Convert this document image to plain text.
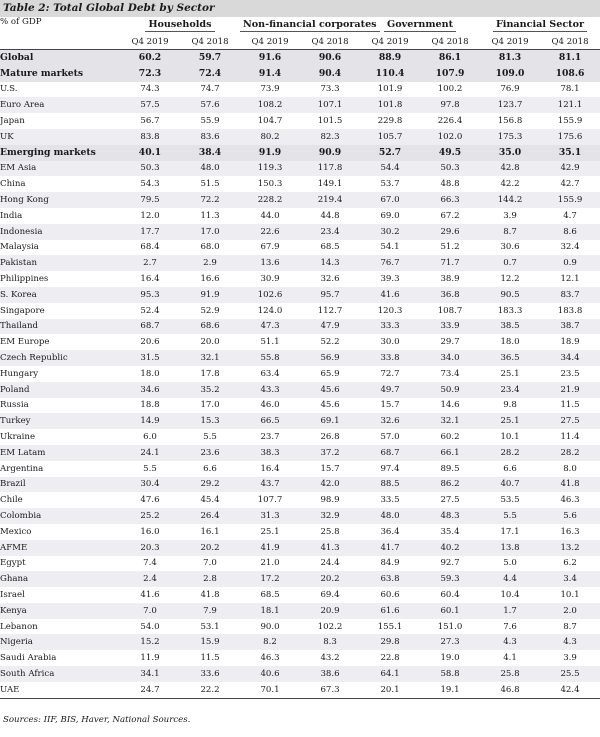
Table 2: Total Global Debt by Sector
% of GDP	Households		Non-financial corporates		Government		Financial Sector	
	Q4 2019	Q4 2018	Q4 2019	Q4 2018	Q4 2019	Q4 2018	Q4 2019	Q4 2018
Global	60.2	59.7	91.6	90.6	88.9	86.1	81.3	81.1
Mature markets	72.3	72.4	91.4	90.4	110.4	107.9	109.0	108.6
U.S.	74.3	74.7	73.9	73.3	101.9	100.2	76.9	78.1
Euro Area	57.5	57.6	108.2	107.1	101.8	97.8	123.7	121.1
Japan	56.7	55.9	104.7	101.5	229.8	226.4	156.8	155.9
UK	83.8	83.6	80.2	82.3	105.7	102.0	175.3	175.6
Emerging markets	40.1	38.4	91.9	90.9	52.7	49.5	35.0	35.1
EM Asia	50.3	48.0	119.3	117.8	54.4	50.3	42.8	42.9
China	54.3	51.5	150.3	149.1	53.7	48.8	42.2	42.7
Hong Kong	79.5	72.2	228.2	219.4	67.0	66.3	144.2	155.9
India	12.0	11.3	44.0	44.8	69.0	67.2	3.9	4.7
Indonesia	17.7	17.0	22.6	23.4	30.2	29.6	8.7	8.6
Malaysia	68.4	68.0	67.9	68.5	54.1	51.2	30.6	32.4
Pakistan	2.7	2.9	13.6	14.3	76.7	71.7	0.7	0.9
Philippines	16.4	16.6	30.9	32.6	39.3	38.9	12.2	12.1
S. Korea	95.3	91.9	102.6	95.7	41.6	36.8	90.5	83.7
Singapore	52.4	52.9	124.0	112.7	120.3	108.7	183.3	183.8
Thailand	68.7	68.6	47.3	47.9	33.3	33.9	38.5	38.7
EM Europe	20.6	20.0	51.1	52.2	30.0	29.7	18.0	18.9
Czech Republic	31.5	32.1	55.8	56.9	33.8	34.0	36.5	34.4
Hungary	18.0	17.8	63.4	65.9	72.7	73.4	25.1	23.5
Poland	34.6	35.2	43.3	45.6	49.7	50.9	23.4	21.9
Russia	18.8	17.0	46.0	45.6	15.7	14.6	9.8	11.5
Turkey	14.9	15.3	66.5	69.1	32.6	32.1	25.1	27.5
Ukraine	6.0	5.5	23.7	26.8	57.0	60.2	10.1	11.4
EM Latam	24.1	23.6	38.3	37.2	68.7	66.1	28.2	28.2
Argentina	5.5	6.6	16.4	15.7	97.4	89.5	6.6	8.0
Brazil	30.4	29.2	43.7	42.0	88.5	86.2	40.7	41.8
Chile	47.6	45.4	107.7	98.9	33.5	27.5	53.5	46.3
Colombia	25.2	26.4	31.3	32.9	48.0	48.3	5.5	5.6
Mexico	16.0	16.1	25.1	25.8	36.4	35.4	17.1	16.3
AFME	20.3	20.2	41.9	41.3	41.7	40.2	13.8	13.2
Egypt	7.4	7.0	21.0	24.4	84.9	92.7	5.0	6.2
Ghana	2.4	2.8	17.2	20.2	63.8	59.3	4.4	3.4
Israel	41.6	41.8	68.5	69.4	60.6	60.4	10.4	10.1
Kenya	7.0	7.9	18.1	20.9	61.6	60.1	1.7	2.0
Lebanon	54.0	53.1	90.0	102.2	155.1	151.0	7.6	8.7
Nigeria	15.2	15.9	8.2	8.3	29.8	27.3	4.3	4.3
Saudi Arabia	11.9	11.5	46.3	43.2	22.8	19.0	4.1	3.9
South Africa	34.1	33.6	40.6	38.6	64.1	58.8	25.8	25.5
UAE	24.7	22.2	70.1	67.3	20.1	19.1	46.8	42.4
Sources: IIF, BIS, Haver, National Sources.
